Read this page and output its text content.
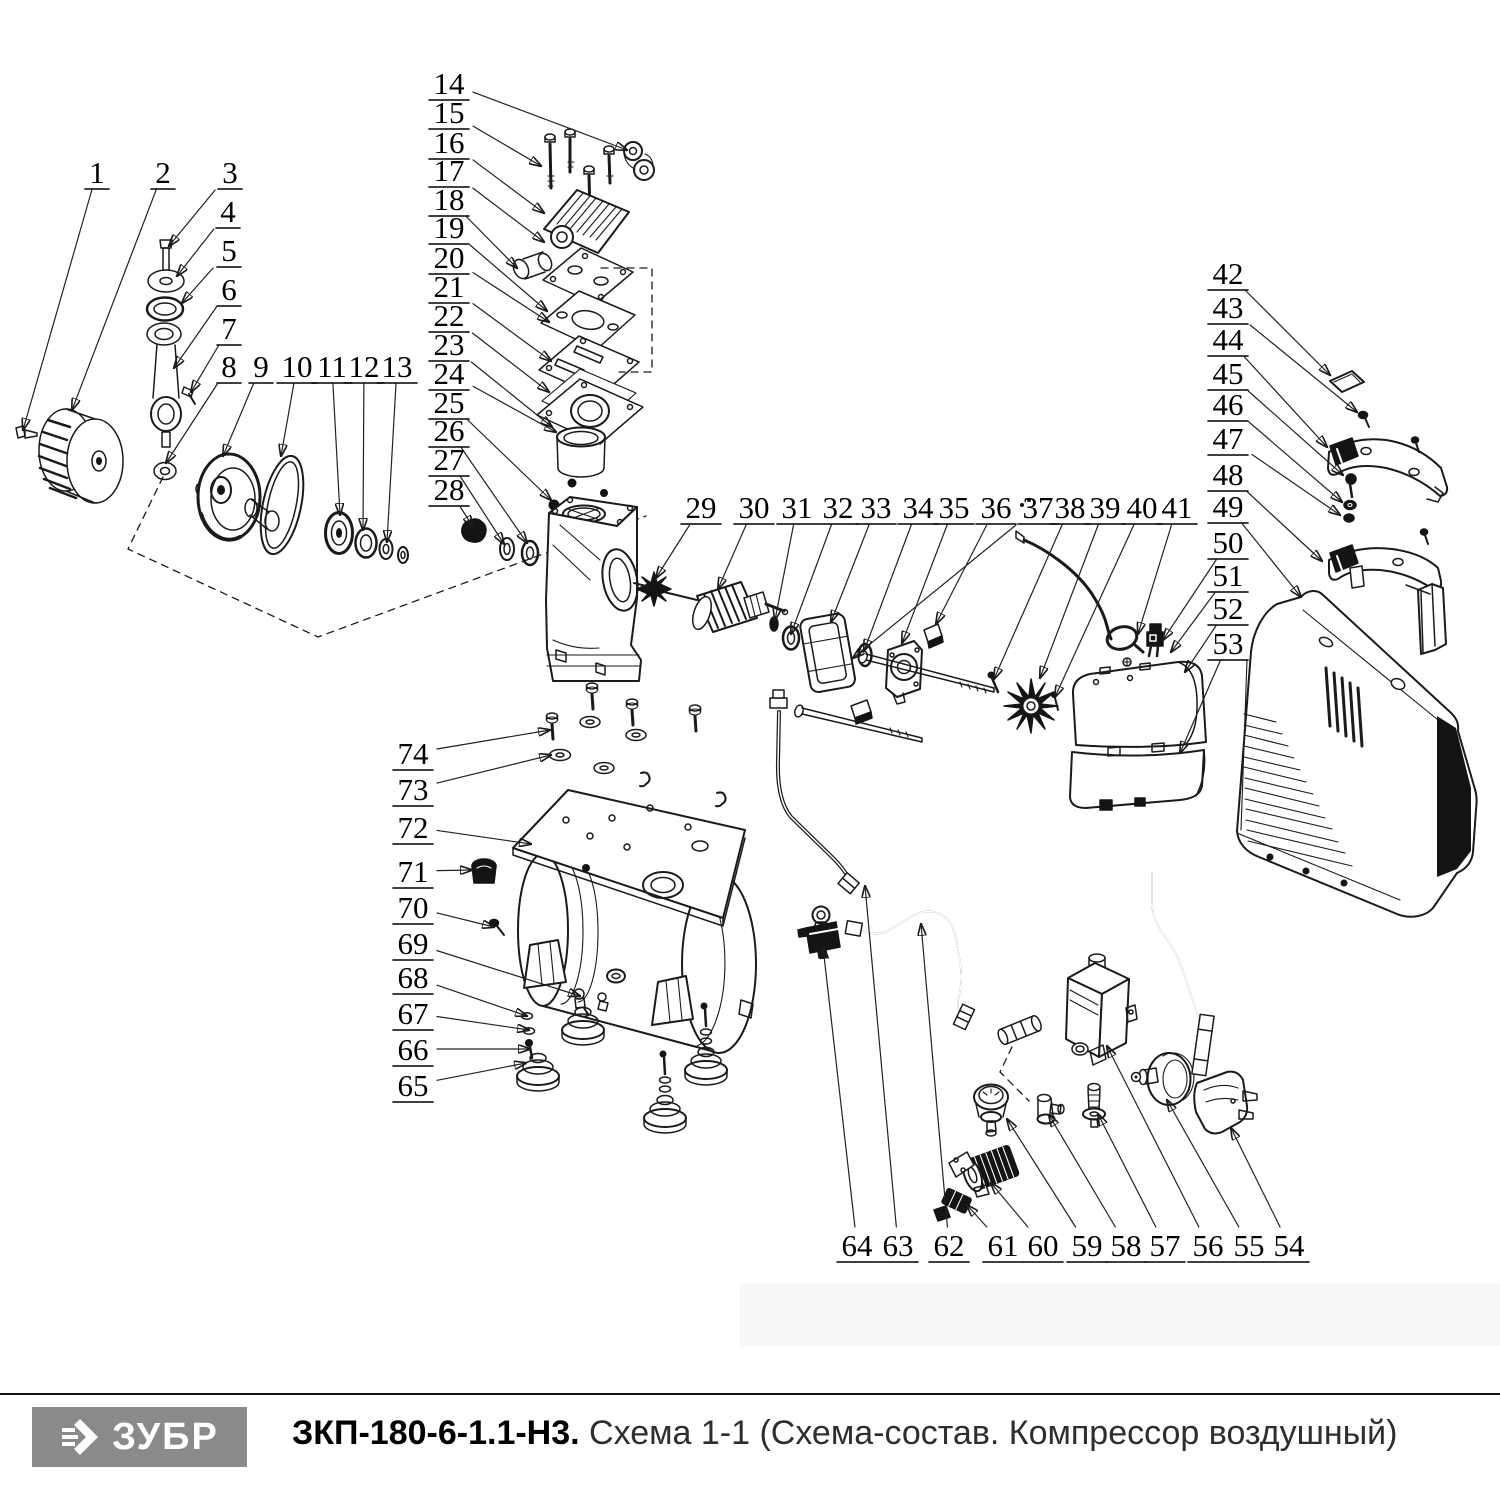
1 2 3
4
5
6
7
8 9 10 11 12 13
14
15
16
17
18
19
20
21
22
23
24
25
26
27
28
29 30 31 32 33 34 35 36 37 38 39 40 41
42
43
44
45
46
47
48
49
50
51
52
53
54
55
56
57
58
59
60
61
62
63
64
65
66
67
68
69
70
71
72
73
74
ЗУБР ЗКП-180-6-1.1-Н3. Схема 1-1 (Схема-состав. Компрессор воздушный)
